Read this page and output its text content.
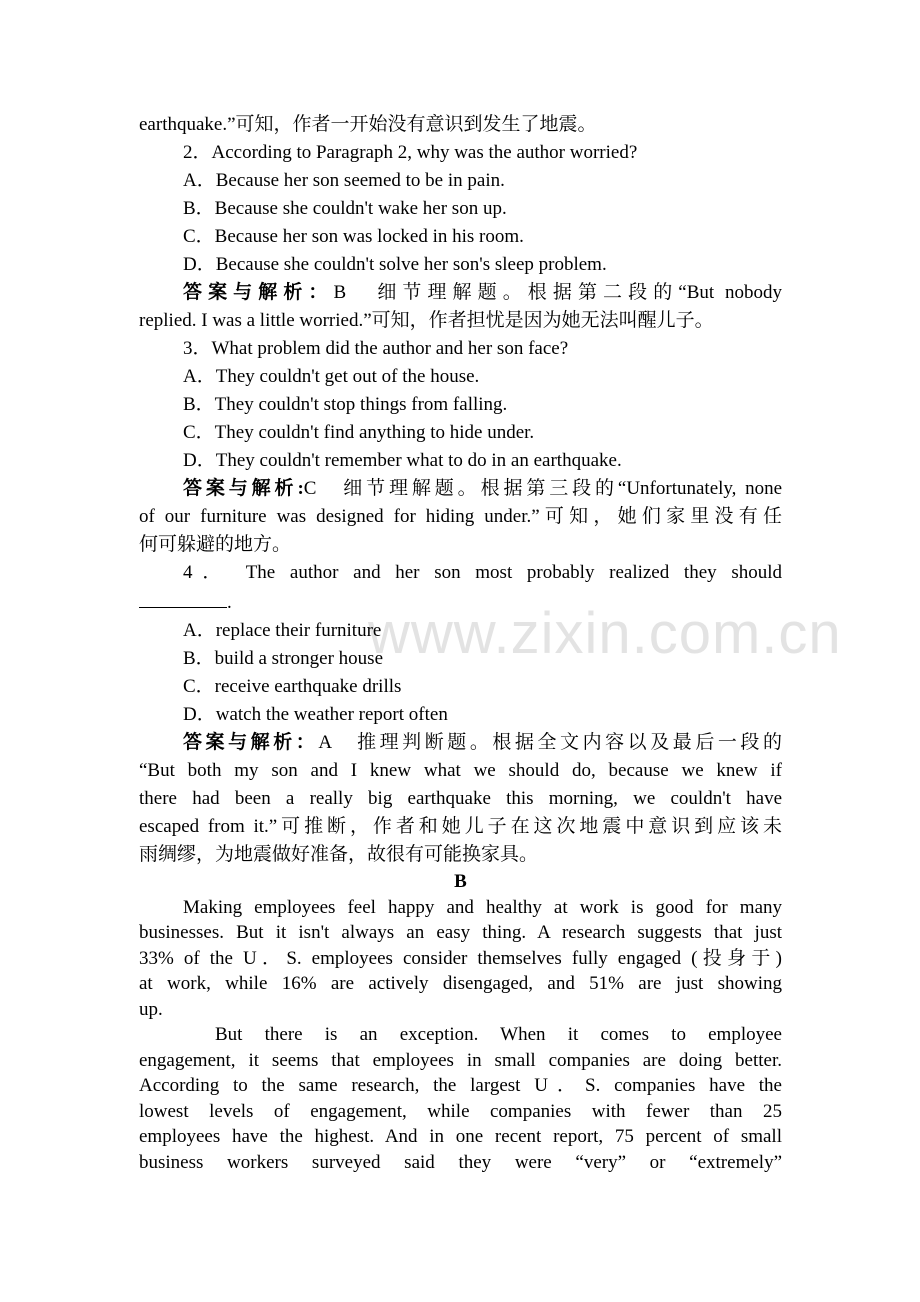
www.zixin.com.cn
earthquake.”可知，作者一开始没有意识到发生了地震。
2．According to Paragraph 2, why was the author worried?
A．Because her son seemed to be in pain.
B．Because she couldn't wake her son up.
C．Because her son was locked in his room.
D．Because she couldn't solve her son's sleep problem.
答案与解析：B　细节理解题。根据第二段的“But nobody
replied. I was a little worried.”可知，作者担忧是因为她无法叫醒儿子。
3．What problem did the author and her son face?
A．They couldn't get out of the house.
B．They couldn't stop things from falling.
C．They couldn't find anything to hide under.
D．They couldn't remember what to do in an earthquake.
答案与解析:C　细节理解题。根据第三段的“Unfortunately, none
of our furniture was designed for hiding under.”可知，她们家里没有任
何可躲避的地方。
4． The author and her son most probably realized they should
.
A．replace their furniture
B．build a stronger house
C．receive earthquake drills
D．watch the weather report often
答案与解析：A　推理判断题。根据全文内容以及最后一段的
“But both my son and I knew what we should do, because we knew if
there had been a really big earthquake this morning, we couldn't have
escaped from it.”可推断，作者和她儿子在这次地震中意识到应该未
雨绸缪，为地震做好准备，故很有可能换家具。
B
Making employees feel happy and healthy at work is good for many
businesses. But it isn't always an easy thing. A research suggests that just
33% of the U．S. employees consider themselves fully engaged (投身于)
at work, while 16% are actively disengaged, and 51% are just showing
up.
But there is an exception. When it comes to employee
engagement, it seems that employees in small companies are doing better.
According to the same research, the largest U．S. companies have the
lowest levels of engagement, while companies with fewer than 25
employees have the highest. And in one recent report, 75 percent of small
business workers surveyed said they were “very” or “extremely”
